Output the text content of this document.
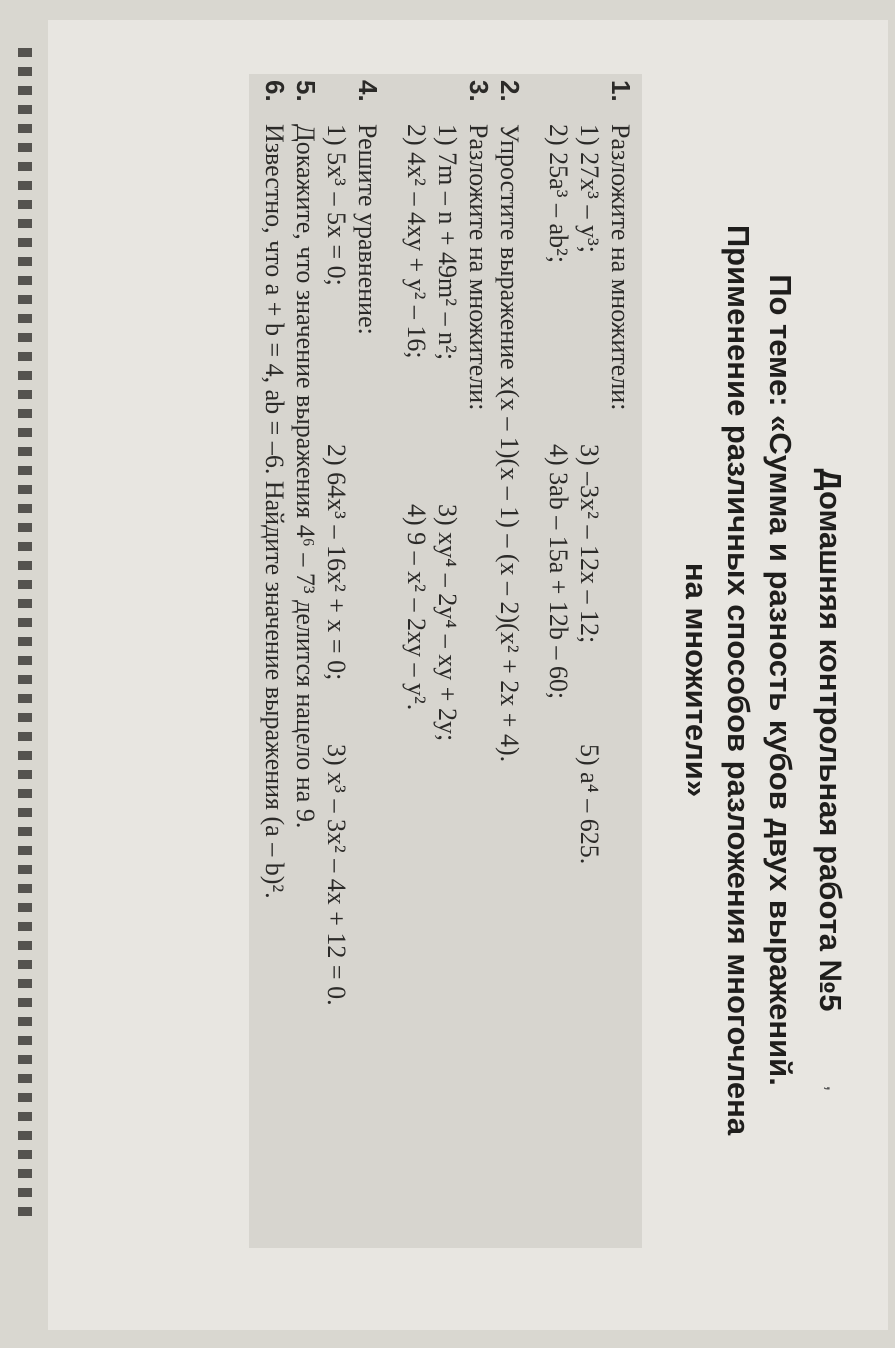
,
Домашняя контрольная работа №5
По теме: «Сумма и разность кубов двух выражений.
Применение различных способов разложения многочлена
на множители»
1.
Разложите на множители:
1) 27x³ – y³;
3) –3x² – 12x – 12;
5) a⁴ – 625.
2) 25a³ – ab²;
4) 3ab – 15a + 12b – 60;
2.
Упростите выражение x(x – 1)(x – 1) – (x – 2)(x² + 2x + 4).
3.
Разложите на множители:
1) 7m – n + 49m² – n²;
3) xy⁴ – 2y⁴ – xy + 2y;
2) 4x² – 4xy + y² – 16;
4) 9 – x² – 2xy – y².
4.
Решите уравнение:
1) 5x³ – 5x = 0;
2) 64x³ – 16x² + x = 0;
3) x³ – 3x² – 4x + 12 = 0.
5.
Докажите, что значение выражения 4⁶ – 7³ делится нацело на 9.
6.
Известно, что a + b = 4, ab = –6. Найдите значение выражения (a – b)².
